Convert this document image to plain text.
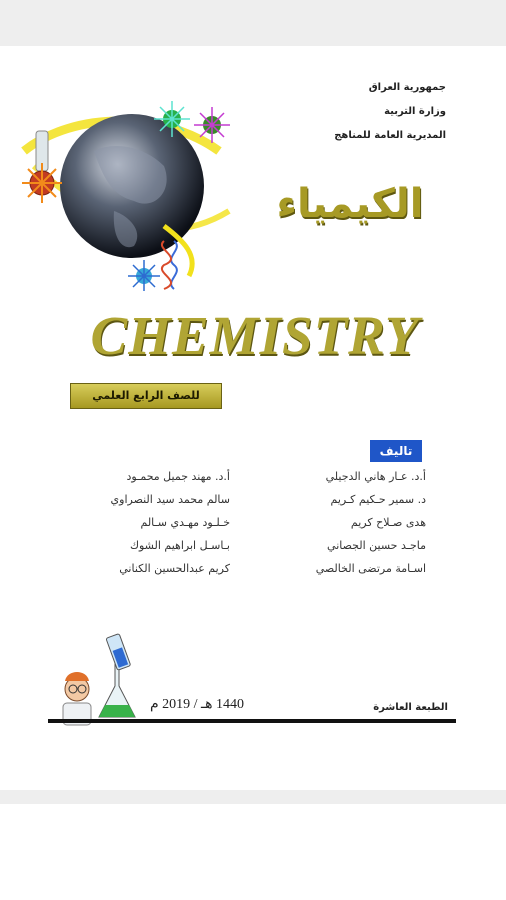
جمهورية العراق
وزارة التربية
المديرية العامة للمناهج
الكيمياء
CHEMISTRY
للصف الرابع العلمي
تاليف
أ.د. عـار هاني الدجيلي
أ.د. مهند جميل محمـود
د. سمير حـكيم كـريم
سالم محمد سيد النصراوي
هدى صـلاح كريم
خـلـود مهـدي سـالم
ماجـد حسين الجصاني
بـاسـل ابراهيم الشوك
اسـامة مرتضى الخالصي
كريم عبدالحسين الكناني
الطبعة العاشرة
1440 هـ / 2019 م
